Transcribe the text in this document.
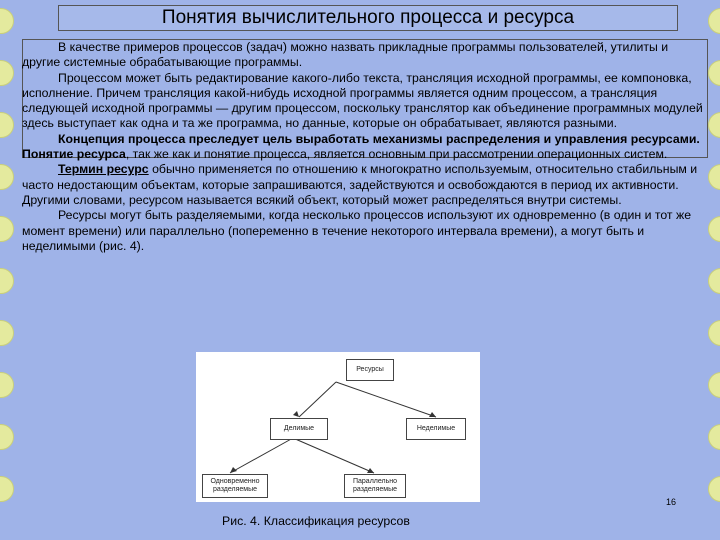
Понятия вычислительного процесса и ресурса

В качестве примеров процессов (задач) можно назвать прикладные программы пользователей, утилиты и другие системные обрабатывающие программы.

Процессом может быть редактирование какого-либо текста, трансляция исходной программы, ее компоновка, исполнение. Причем трансляция какой-нибудь исходной программы является одним процессом, а трансляция следующей исходной программы — другим процессом, поскольку транслятор как объединение программных модулей здесь выступает как одна и та же программа, но данные, которые он обрабатывает, являются разными.

Концепция процесса преследует цель выработать механизмы распределения и управления ресурсами. Понятие ресурса, так же как и понятие процесса, является основным при рассмотрении операционных систем.

Термин ресурс обычно применяется по отношению к многократно используемым, относительно стабильным и часто недостающим объектам, которые запрашиваются, задействуются и освобождаются в период их активности. Другими словами, ресурсом называется всякий объект, который может распределяться внутри системы.

Ресурсы могут быть разделяемыми, когда несколько процессов используют их одновременно (в один и тот же момент времени) или параллельно (попеременно в течение некоторого интервала времени), а могут быть и неделимыми (рис. 4).

Ресурсы
Делимые	Неделимые
Одновременно разделяемые
Параллельно разделяемые
16
Рис. 4. Классификация ресурсов
